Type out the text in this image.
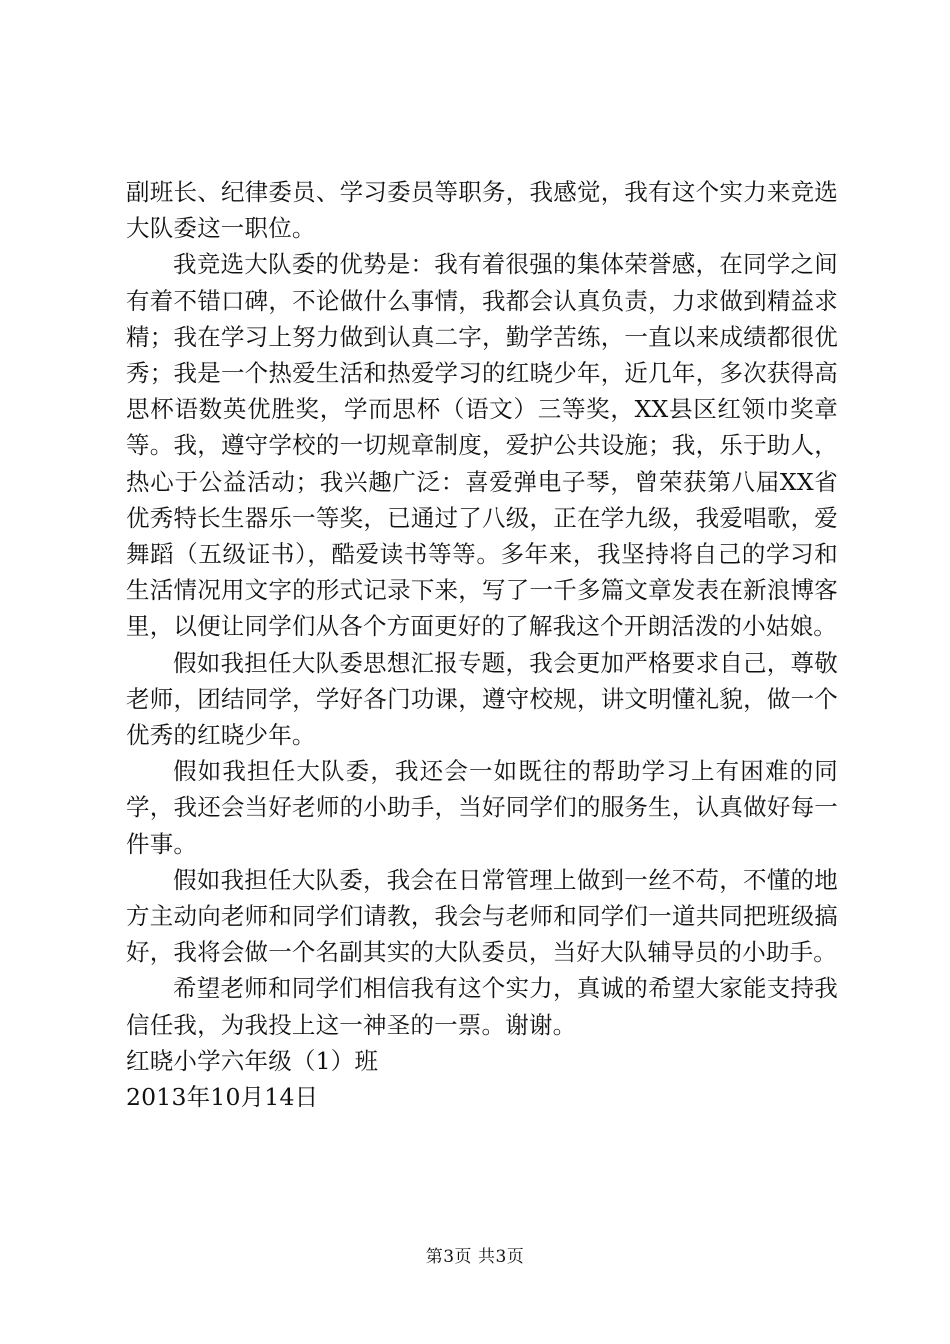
副班长、纪律委员、学习委员等职务，我感觉，我有这个实力来竞选大队委这一职位。

我竞选大队委的优势是：我有着很强的集体荣誉感，在同学之间有着不错口碑，不论做什么事情，我都会认真负责，力求做到精益求精；我在学习上努力做到认真二字，勤学苦练，一直以来成绩都很优秀；我是一个热爱生活和热爱学习的红晓少年，近几年，多次获得高思杯语数英优胜奖，学而思杯（语文）三等奖，XX县区红领巾奖章等。我，遵守学校的一切规章制度，爱护公共设施；我，乐于助人，热心于公益活动；我兴趣广泛：喜爱弹电子琴，曾荣获第八届XX省优秀特长生器乐一等奖，已通过了八级，正在学九级，我爱唱歌，爱舞蹈（五级证书），酷爱读书等等。多年来，我坚持将自己的学习和生活情况用文字的形式记录下来，写了一千多篇文章发表在新浪博客里，以便让同学们从各个方面更好的了解我这个开朗活泼的小姑娘。

假如我担任大队委思想汇报专题，我会更加严格要求自己，尊敬老师，团结同学，学好各门功课，遵守校规，讲文明懂礼貌，做一个优秀的红晓少年。

假如我担任大队委，我还会一如既往的帮助学习上有困难的同学，我还会当好老师的小助手，当好同学们的服务生，认真做好每一件事。

假如我担任大队委，我会在日常管理上做到一丝不苟，不懂的地方主动向老师和同学们请教，我会与老师和同学们一道共同把班级搞好，我将会做一个名副其实的大队委员，当好大队辅导员的小助手。

希望老师和同学们相信我有这个实力，真诚的希望大家能支持我信任我，为我投上这一神圣的一票。谢谢。

红晓小学六年级（1）班

2013年10月14日

第3页 共3页
